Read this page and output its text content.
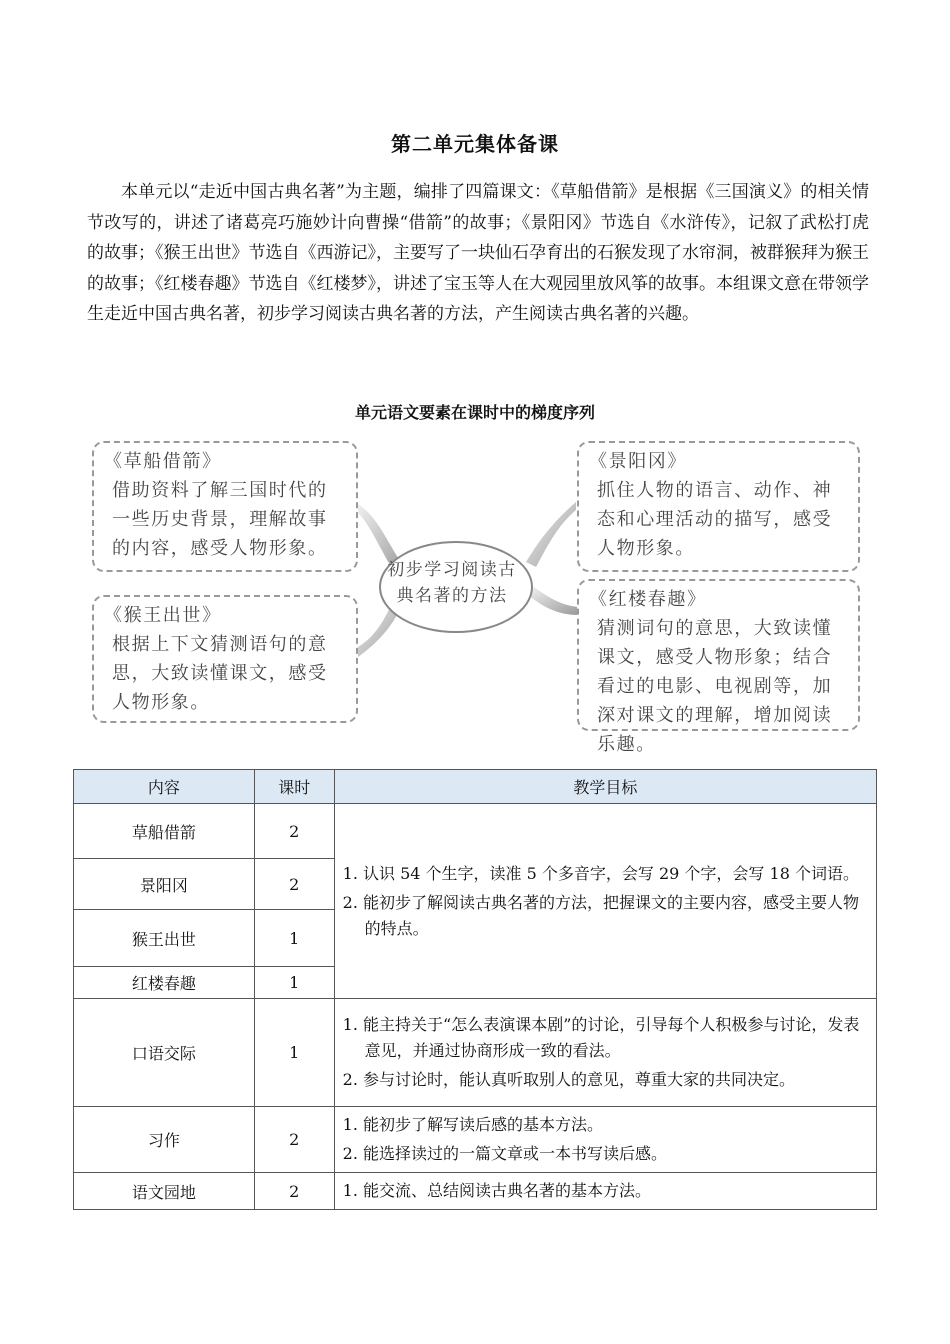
第二单元集体备课

本单元以“走近中国古典名著”为主题，编排了四篇课文：《草船借箭》是根据《三国演义》的相关情节改写的，讲述了诸葛亮巧施妙计向曹操“借箭”的故事；《景阳冈》节选自《水浒传》，记叙了武松打虎的故事；《猴王出世》节选自《西游记》，主要写了一块仙石孕育出的石猴发现了水帘洞，被群猴拜为猴王的故事；《红楼春趣》节选自《红楼梦》，讲述了宝玉等人在大观园里放风筝的故事。本组课文意在带领学生走近中国古典名著，初步学习阅读古典名著的方法，产生阅读古典名著的兴趣。

单元语文要素在课时中的梯度序列
《草船借箭》
借助资料了解三国时代的一些历史背景，理解故事的内容，感受人物形象。
《景阳冈》
抓住人物的语言、动作、神态和心理活动的描写，感受人物形象。
《猴王出世》
根据上下文猜测语句的意思，大致读懂课文，感受人物形象。
《红楼春趣》
猜测词句的意思，大致读懂课文，感受人物形象；结合看过的电影、电视剧等，加深对课文的理解，增加阅读乐趣。
初步学习阅读古典名著的方法
内容	课时	教学目标
草船借箭	2	1. 认识 54 个生字，读准 5 个多音字，会写 29 个字，会写 18 个词语。
2. 能初步了解阅读古典名著的方法，把握课文的主要内容，感受主要人物的特点。

景阳冈	2	
猴王出世	1	
红楼春趣	1	
口语交际	1	1. 能主持关于“怎么表演课本剧”的讨论，引导每个人积极参与讨论，发表意见，并通过协商形成一致的看法。
2. 参与讨论时，能认真听取别人的意见，尊重大家的共同决定。

习作	2	1. 能初步了解写读后感的基本方法。
2. 能选择读过的一篇文章或一本书写读后感。

语文园地	2	1. 能交流、总结阅读古典名著的基本方法。
